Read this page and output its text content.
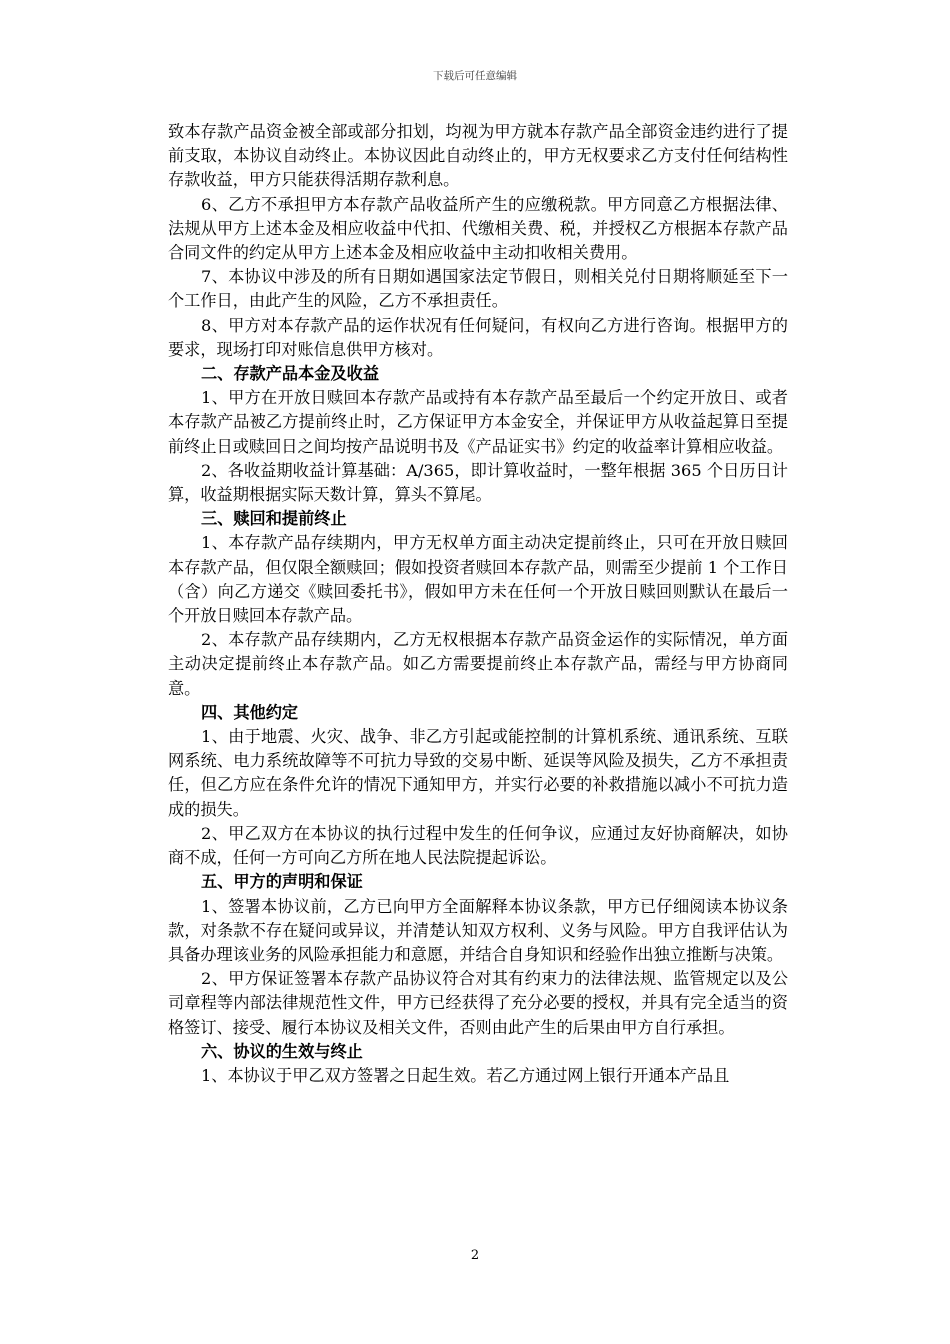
下载后可任意编辑

致本存款产品资金被全部或部分扣划，均视为甲方就本存款产品全部资金违约进行了提前支取，本协议自动终止。本协议因此自动终止的，甲方无权要求乙方支付任何结构性存款收益，甲方只能获得活期存款利息。

6、乙方不承担甲方本存款产品收益所产生的应缴税款。甲方同意乙方根据法律、法规从甲方上述本金及相应收益中代扣、代缴相关费、税，并授权乙方根据本存款产品合同文件的约定从甲方上述本金及相应收益中主动扣收相关费用。

7、本协议中涉及的所有日期如遇国家法定节假日，则相关兑付日期将顺延至下一个工作日，由此产生的风险，乙方不承担责任。

8、甲方对本存款产品的运作状况有任何疑问，有权向乙方进行咨询。根据甲方的要求，现场打印对账信息供甲方核对。

二、存款产品本金及收益

1、甲方在开放日赎回本存款产品或持有本存款产品至最后一个约定开放日、或者本存款产品被乙方提前终止时，乙方保证甲方本金安全，并保证甲方从收益起算日至提前终止日或赎回日之间均按产品说明书及《产品证实书》约定的收益率计算相应收益。

2、各收益期收益计算基础：A/365，即计算收益时，一整年根据 365 个日历日计算，收益期根据实际天数计算，算头不算尾。

三、赎回和提前终止

1、本存款产品存续期内，甲方无权单方面主动决定提前终止，只可在开放日赎回本存款产品，但仅限全额赎回；假如投资者赎回本存款产品，则需至少提前 1 个工作日（含）向乙方递交《赎回委托书》，假如甲方未在任何一个开放日赎回则默认在最后一个开放日赎回本存款产品。

2、本存款产品存续期内，乙方无权根据本存款产品资金运作的实际情况，单方面主动决定提前终止本存款产品。如乙方需要提前终止本存款产品，需经与甲方协商同意。

四、其他约定

1、由于地震、火灾、战争、非乙方引起或能控制的计算机系统、通讯系统、互联网系统、电力系统故障等不可抗力导致的交易中断、延误等风险及损失，乙方不承担责任，但乙方应在条件允许的情况下通知甲方，并实行必要的补救措施以减小不可抗力造成的损失。

2、甲乙双方在本协议的执行过程中发生的任何争议，应通过友好协商解决，如协商不成，任何一方可向乙方所在地人民法院提起诉讼。

五、甲方的声明和保证

1、签署本协议前，乙方已向甲方全面解释本协议条款，甲方已仔细阅读本协议条款，对条款不存在疑问或异议，并清楚认知双方权利、义务与风险。甲方自我评估认为具备办理该业务的风险承担能力和意愿，并结合自身知识和经验作出独立推断与决策。

2、甲方保证签署本存款产品协议符合对其有约束力的法律法规、监管规定以及公司章程等内部法律规范性文件，甲方已经获得了充分必要的授权，并具有完全适当的资格签订、接受、履行本协议及相关文件，否则由此产生的后果由甲方自行承担。

六、协议的生效与终止

1、本协议于甲乙双方签署之日起生效。若乙方通过网上银行开通本产品且

2
